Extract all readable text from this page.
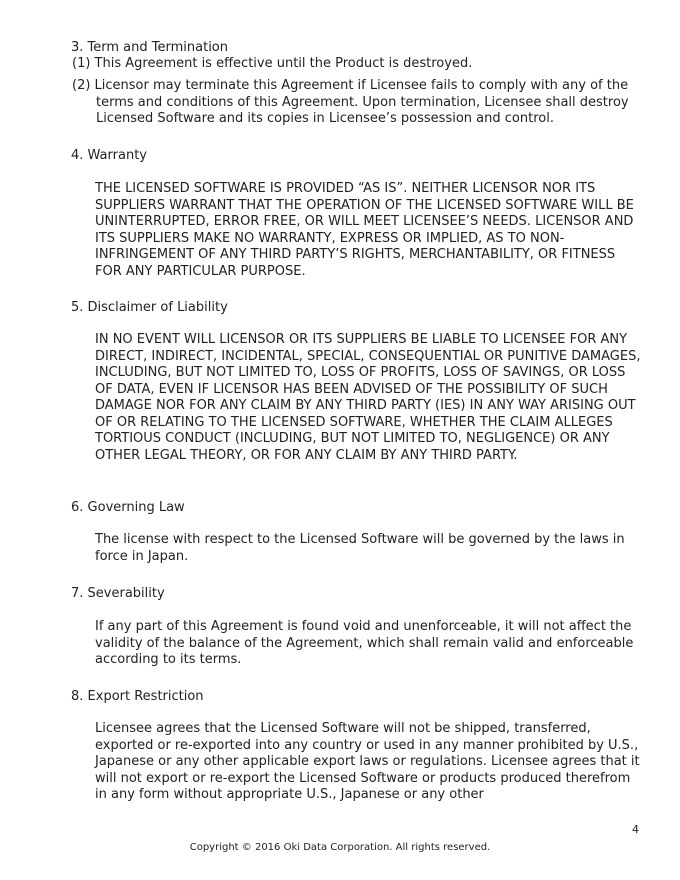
3. Term and Termination
(1) This Agreement is effective until the Product is destroyed.
(2) Licensor may terminate this Agreement if Licensee fails to comply with any of the terms and conditions of this Agreement. Upon termination, Licensee shall destroy Licensed Software and its copies in Licensee’s possession and control.
4. Warranty
THE LICENSED SOFTWARE IS PROVIDED “AS IS”. NEITHER LICENSOR NOR ITS SUPPLIERS WARRANT THAT THE OPERATION OF THE LICENSED SOFTWARE WILL BE UNINTERRUPTED, ERROR FREE, OR WILL MEET LICENSEE’S NEEDS. LICENSOR AND ITS SUPPLIERS MAKE NO WARRANTY, EXPRESS OR IMPLIED, AS TO NON-INFRINGEMENT OF ANY THIRD PARTY’S RIGHTS, MERCHANTABILITY, OR FITNESS FOR ANY PARTICULAR PURPOSE.
5. Disclaimer of Liability
IN NO EVENT WILL LICENSOR OR ITS SUPPLIERS BE LIABLE TO LICENSEE FOR ANY DIRECT, INDIRECT, INCIDENTAL, SPECIAL, CONSEQUENTIAL OR PUNITIVE DAMAGES, INCLUDING, BUT NOT LIMITED TO, LOSS OF PROFITS, LOSS OF SAVINGS, OR LOSS OF DATA, EVEN IF LICENSOR HAS BEEN ADVISED OF THE POSSIBILITY OF SUCH DAMAGE NOR FOR ANY CLAIM BY ANY THIRD PARTY (IES) IN ANY WAY ARISING OUT OF OR RELATING TO THE LICENSED SOFTWARE, WHETHER THE CLAIM ALLEGES TORTIOUS CONDUCT (INCLUDING, BUT NOT LIMITED TO, NEGLIGENCE) OR ANY OTHER LEGAL THEORY, OR FOR ANY CLAIM BY ANY THIRD PARTY.
6. Governing Law
The license with respect to the Licensed Software will be governed by the laws in force in Japan.
7. Severability
If any part of this Agreement is found void and unenforceable, it will not affect the validity of the balance of the Agreement, which shall remain valid and enforceable according to its terms.
8. Export Restriction
Licensee agrees that the Licensed Software will not be shipped, transferred, exported or re-exported into any country or used in any manner prohibited by U.S., Japanese or any other applicable export laws or regulations. Licensee agrees that it will not export or re-export the Licensed Software or products produced therefrom in any form without appropriate U.S., Japanese or any other
4
Copyright © 2016 Oki Data Corporation. All rights reserved.
